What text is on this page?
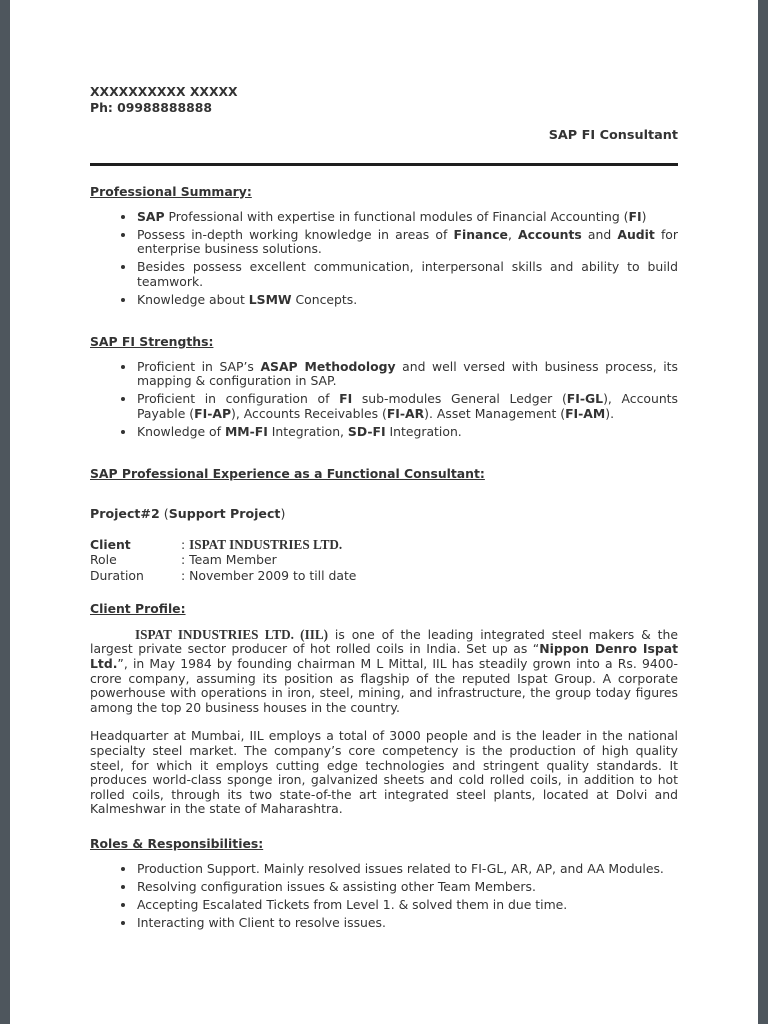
XXXXXXXXXX XXXXX
Ph: 09988888888
SAP FI Consultant
Professional Summary:
• SAP Professional with expertise in functional modules of Financial Accounting (FI)
• Possess in-depth working knowledge in areas of Finance, Accounts and Audit for enterprise business solutions.
• Besides possess excellent communication, interpersonal skills and ability to build teamwork.
• Knowledge about LSMW Concepts.
SAP FI Strengths:
• Proficient in SAP’s ASAP Methodology and well versed with business process, its mapping & configuration in SAP.
• Proficient in configuration of FI sub-modules General Ledger (FI-GL), Accounts Payable (FI-AP), Accounts Receivables (FI-AR). Asset Management (FI-AM).
• Knowledge of MM-FI Integration, SD-FI Integration.
SAP Professional Experience as a Functional Consultant:
Project#2 (Support Project)
Client	: ISPAT INDUSTRIES LTD.
Role	: Team Member
Duration	: November 2009 to till date
Client Profile:

ISPAT INDUSTRIES LTD. (IIL) is one of the leading integrated steel makers & the largest private sector producer of hot rolled coils in India. Set up as “Nippon Denro Ispat Ltd.”, in May 1984 by founding chairman M L Mittal, IIL has steadily grown into a Rs. 9400-crore company, assuming its position as flagship of the reputed Ispat Group. A corporate powerhouse with operations in iron, steel, mining, and infrastructure, the group today figures among the top 20 business houses in the country.

Headquarter at Mumbai, IIL employs a total of 3000 people and is the leader in the national specialty steel market. The company’s core competency is the production of high quality steel, for which it employs cutting edge technologies and stringent quality standards. It produces world-class sponge iron, galvanized sheets and cold rolled coils, in addition to hot rolled coils, through its two state-of-the art integrated steel plants, located at Dolvi and Kalmeshwar in the state of Maharashtra.

Roles & Responsibilities:
• Production Support. Mainly resolved issues related to FI-GL, AR, AP, and AA Modules.
• Resolving configuration issues & assisting other Team Members.
• Accepting Escalated Tickets from Level 1. & solved them in due time.
• Interacting with Client to resolve issues.
